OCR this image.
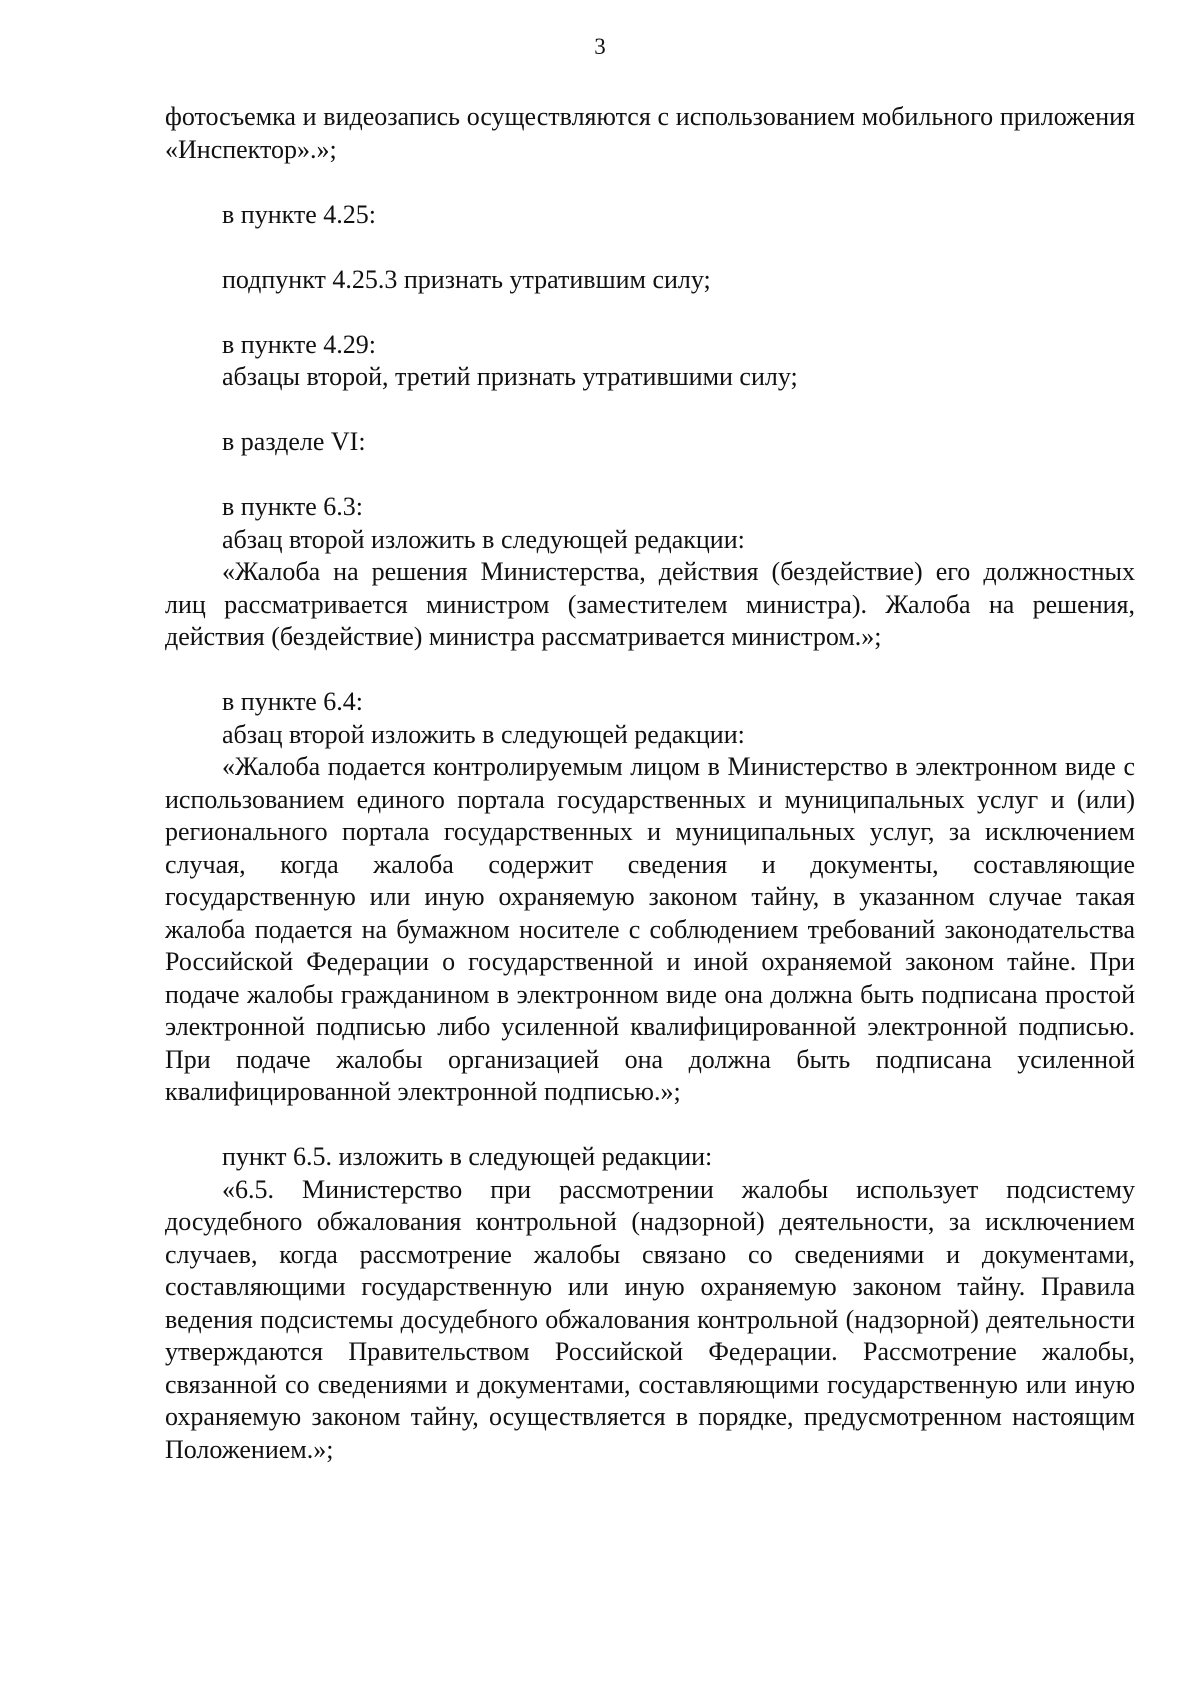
3

фотосъемка и видеозапись осуществляются с использованием мобильного приложения «Инспектор».»;

в пункте 4.25:

подпункт 4.25.3 признать утратившим силу;

в пункте 4.29:

абзацы второй, третий признать утратившими силу;

в разделе VI:

в пункте 6.3:

абзац второй изложить в следующей редакции:

«Жалоба на решения Министерства, действия (бездействие) его должностных лиц рассматривается министром (заместителем министра). Жалоба на решения, действия (бездействие) министра рассматривается министром.»;

в пункте 6.4:

абзац второй изложить в следующей редакции:

«Жалоба подается контролируемым лицом в Министерство в электронном виде с использованием единого портала государственных и муниципальных услуг и (или) регионального портала государственных и муниципальных услуг, за исключением случая, когда жалоба содержит сведения и документы, составляющие государственную или иную охраняемую законом тайну, в указанном случае такая жалоба подается на бумажном носителе с соблюдением требований законодательства Российской Федерации о государственной и иной охраняемой законом тайне. При подаче жалобы гражданином в электронном виде она должна быть подписана простой электронной подписью либо усиленной квалифицированной электронной подписью. При подаче жалобы организацией она должна быть подписана усиленной квалифицированной электронной подписью.»;

пункт 6.5. изложить в следующей редакции:

«6.5. Министерство при рассмотрении жалобы использует подсистему досудебного обжалования контрольной (надзорной) деятельности, за исключением случаев, когда рассмотрение жалобы связано со сведениями и документами, составляющими государственную или иную охраняемую законом тайну. Правила ведения подсистемы досудебного обжалования контрольной (надзорной) деятельности утверждаются Правительством Российской Федерации. Рассмотрение жалобы, связанной со сведениями и документами, составляющими государственную или иную охраняемую законом тайну, осуществляется в порядке, предусмотренном настоящим Положением.»;
